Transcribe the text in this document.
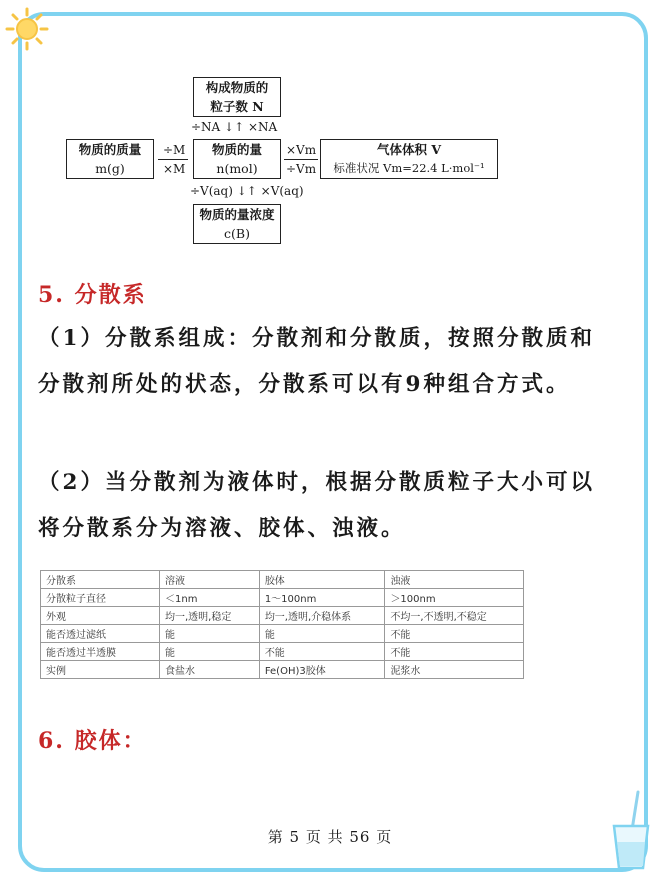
构成物质的
粒子数 N
÷NA ↓↑ ×NA
物质的质量
m(g)
÷M
×M
物质的量
n(mol)
×Vm
÷Vm
气体体积 V
标准状况 Vm=22.4 L·mol⁻¹
÷V(aq) ↓↑ ×V(aq)
物质的量浓度
c(B)
5. 分散系
（1）分散系组成：分散剂和分散质，按照分散质和分散剂所处的状态，分散系可以有9种组合方式。
（2）当分散剂为液体时，根据分散质粒子大小可以将分散系分为溶液、胶体、浊液。
分散系	溶液	胶体	浊液
分散粒子直径	＜1nm	1～100nm	＞100nm
外观	均一,透明,稳定	均一,透明,介稳体系	不均一,不透明,不稳定
能否透过滤纸	能	能	不能
能否透过半透膜	能	不能	不能
实例	食盐水	Fe(OH)3胶体	泥浆水
6. 胶体：
第 5 页 共 56 页
